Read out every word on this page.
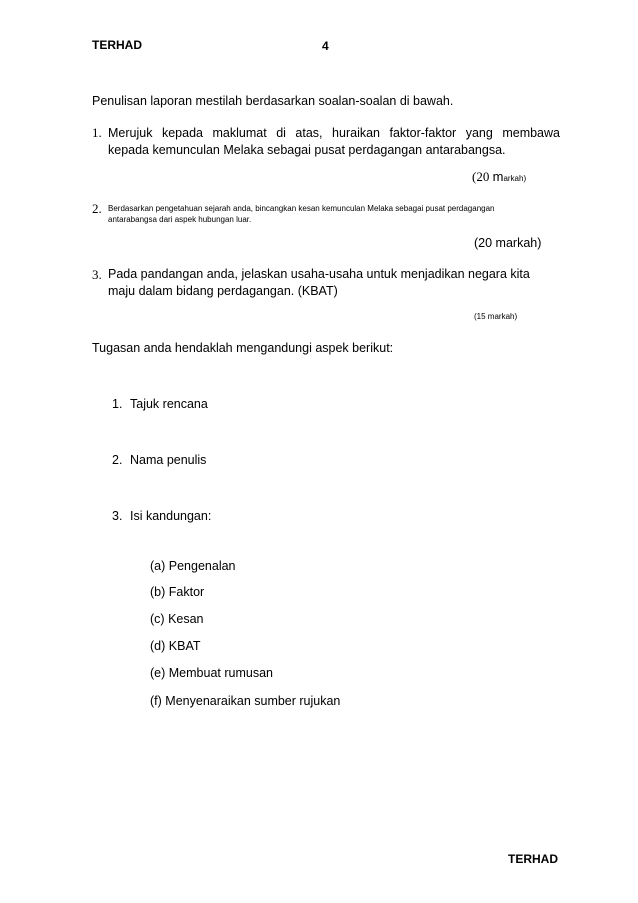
TERHAD	4
Penulisan laporan mestilah berdasarkan soalan-soalan di bawah.
1. Merujuk kepada maklumat di atas, huraikan faktor-faktor yang membawa
kepada kemunculan Melaka sebagai pusat perdagangan antarabangsa.
(20 markah)
2. Berdasarkan pengetahuan sejarah anda, bincangkan kesan kemunculan Melaka sebagai pusat perdagangan
antarabangsa dari aspek hubungan luar.
(20 markah)
3. Pada pandangan anda, jelaskan usaha-usaha untuk menjadikan negara kita
maju dalam bidang perdagangan. (KBAT)
(15 markah)
Tugasan anda hendaklah mengandungi aspek berikut:
1. Tajuk rencana
2. Nama penulis
3. Isi kandungan:
(a) Pengenalan
(b) Faktor
(c) Kesan
(d) KBAT
(e) Membuat rumusan
(f) Menyenaraikan sumber rujukan
TERHAD
